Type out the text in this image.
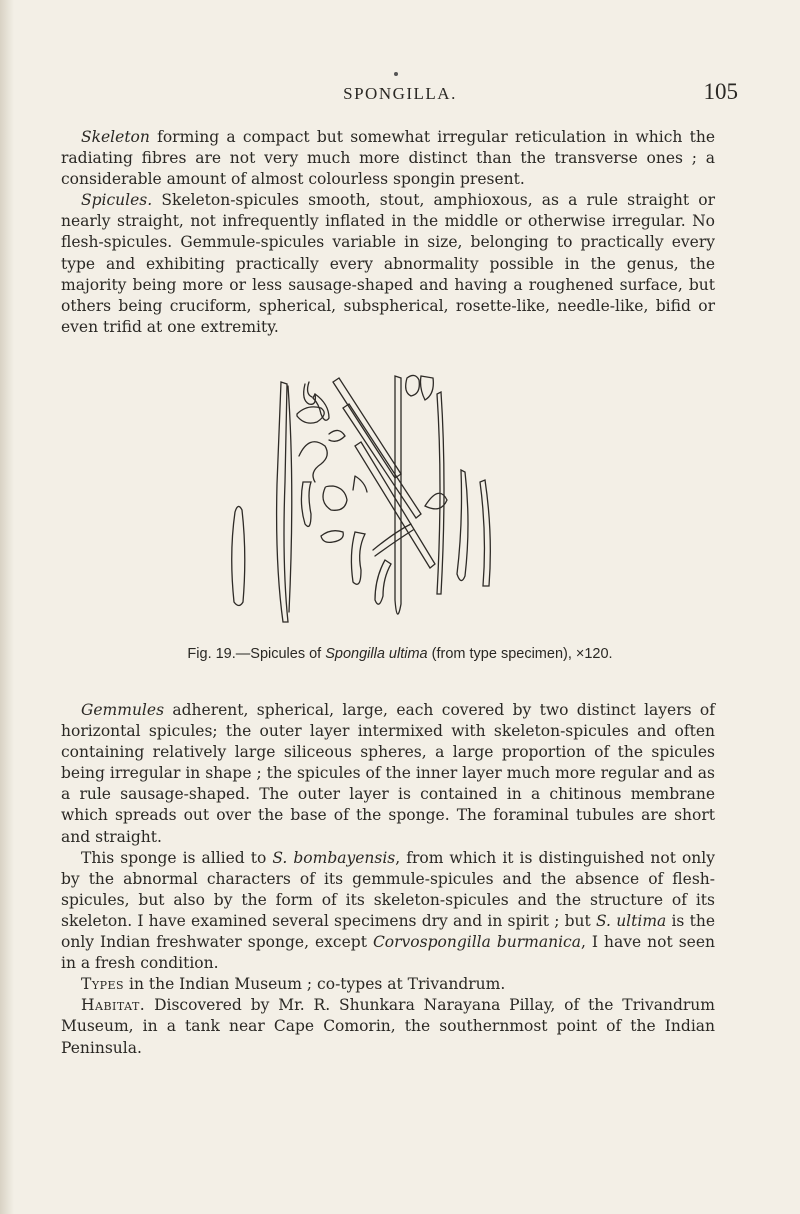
SPONGILLA.	105

Skeleton forming a compact but somewhat irregular reticulation in which the radiating fibres are not very much more distinct than the transverse ones ; a considerable amount of almost colourless spongin present.

Spicules. Skeleton-spicules smooth, stout, amphioxous, as a rule straight or nearly straight, not infrequently inflated in the middle or otherwise irregular. No flesh-spicules. Gemmule-spicules variable in size, belonging to practically every type and exhibiting practically every abnormality possible in the genus, the majority being more or less sausage-shaped and having a roughened surface, but others being cruciform, spherical, subspherical, rosette-like, needle-like, bifid or even trifid at one extremity.

Fig. 19.—Spicules of Spongilla ultima (from type specimen), ×120.

Gemmules adherent, spherical, large, each covered by two distinct layers of horizontal spicules; the outer layer intermixed with skeleton-spicules and often containing relatively large siliceous spheres, a large proportion of the spicules being irregular in shape ; the spicules of the inner layer much more regular and as a rule sausage-shaped. The outer layer is contained in a chitinous membrane which spreads out over the base of the sponge. The foraminal tubules are short and straight.

This sponge is allied to S. bombayensis, from which it is distinguished not only by the abnormal characters of its gemmule-spicules and the absence of flesh-spicules, but also by the form of its skeleton-spicules and the structure of its skeleton. I have examined several specimens dry and in spirit ; but S. ultima is the only Indian freshwater sponge, except Corvospongilla burmanica, I have not seen in a fresh condition.

Types in the Indian Museum ; co-types at Trivandrum.

Habitat. Discovered by Mr. R. Shunkara Narayana Pillay, of the Trivandrum Museum, in a tank near Cape Comorin, the southernmost point of the Indian Peninsula.
